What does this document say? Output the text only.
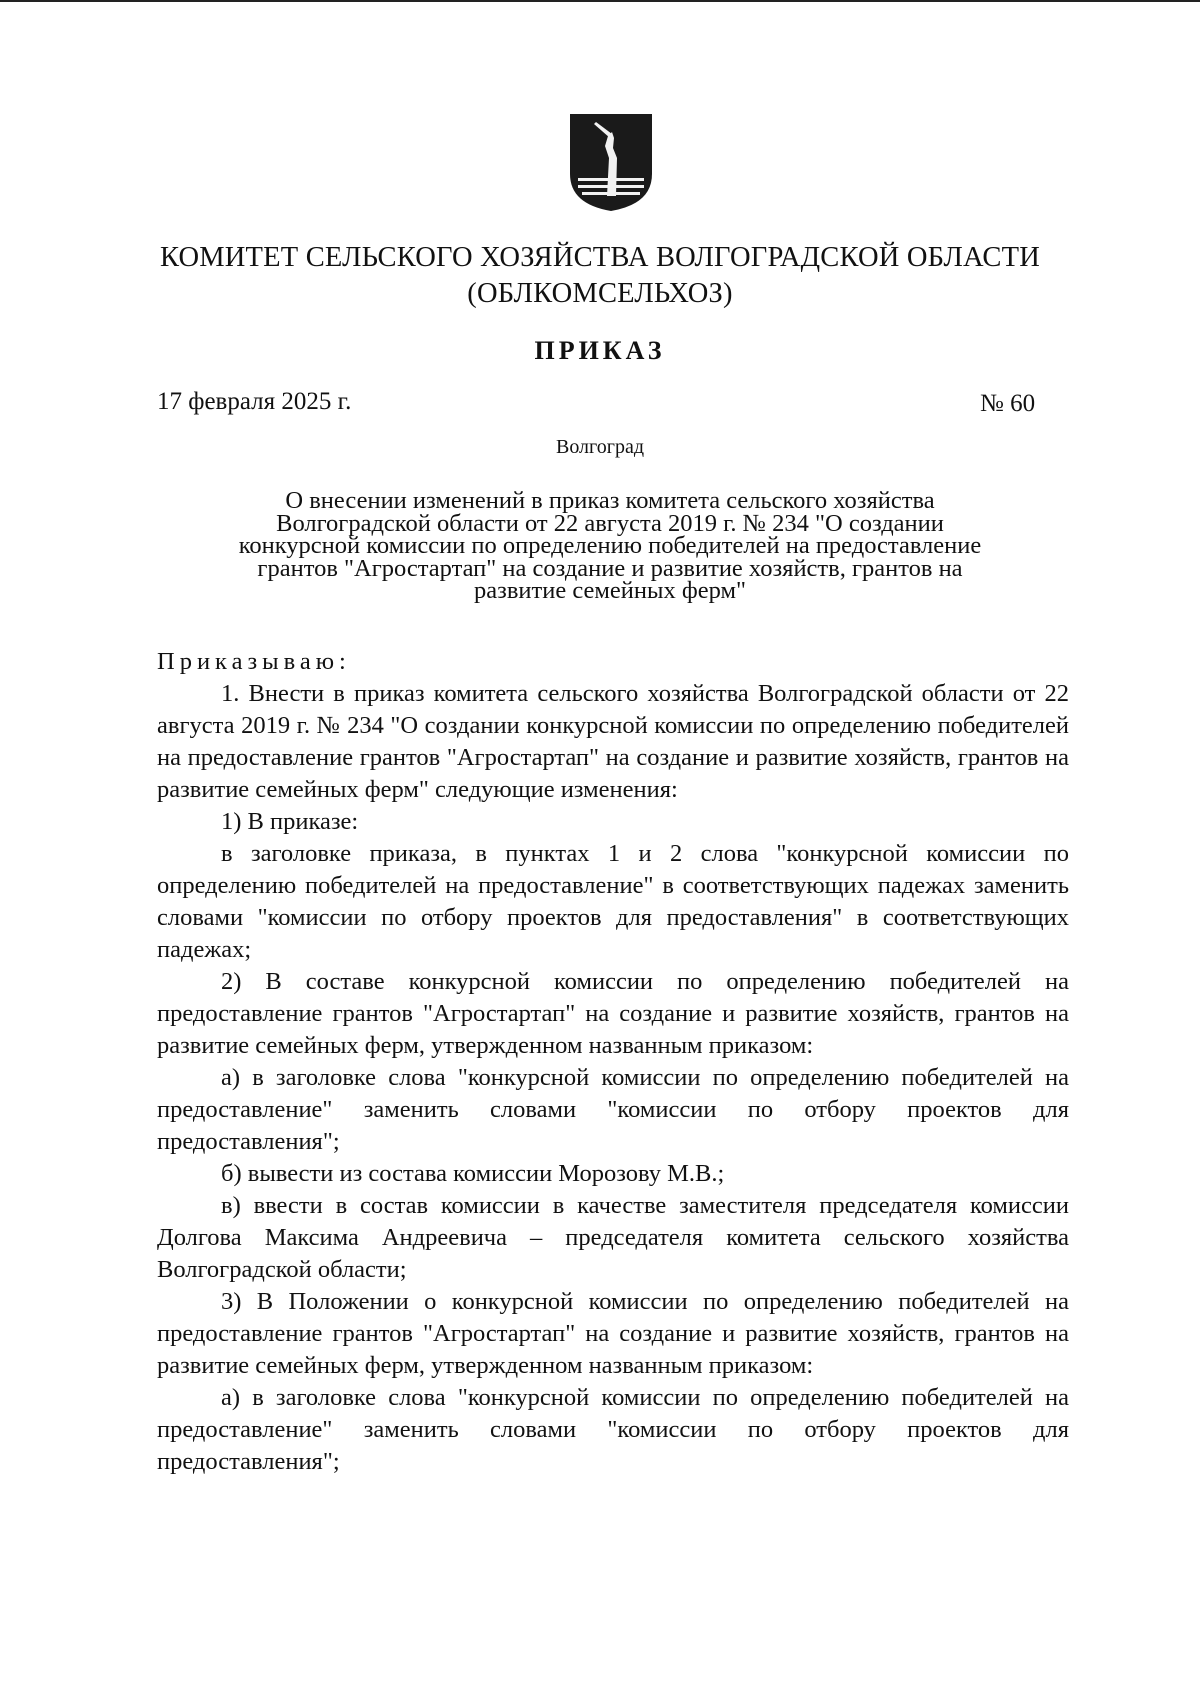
КОМИТЕТ СЕЛЬСКОГО ХОЗЯЙСТВА ВОЛГОГРАДСКОЙ ОБЛАСТИ
(ОБЛКОМСЕЛЬХОЗ)
ПРИКАЗ
17 февраля 2025 г.	№ 60
Волгоград
О внесении изменений в приказ комитета сельского хозяйства
Волгоградской области от 22 августа 2019 г. № 234 "О создании
конкурсной комиссии по определению победителей на предоставление
грантов "Агростартап" на создание и развитие хозяйств, грантов на
развитие семейных ферм"

Приказываю:

1. Внести в приказ комитета сельского хозяйства Волгоградской области от 22 августа 2019 г. № 234 "О создании конкурсной комиссии по определению победителей на предоставление грантов "Агростартап" на создание и развитие хозяйств, грантов на развитие семейных ферм" следующие изменения:

1) В приказе:

в заголовке приказа, в пунктах 1 и 2 слова "конкурсной комиссии по определению победителей на предоставление" в соответствующих падежах заменить словами "комиссии по отбору проектов для предоставления" в соответствующих падежах;

2) В составе конкурсной комиссии по определению победителей на предоставление грантов "Агростартап" на создание и развитие хозяйств, грантов на развитие семейных ферм, утвержденном названным приказом:

а) в заголовке слова "конкурсной комиссии по определению победителей на предоставление" заменить словами "комиссии по отбору проектов для предоставления";

б) вывести из состава комиссии Морозову М.В.;

в) ввести в состав комиссии в качестве заместителя председателя комиссии Долгова Максима Андреевича – председателя комитета сельского хозяйства Волгоградской области;

3) В Положении о конкурсной комиссии по определению победителей на предоставление грантов "Агростартап" на создание и развитие хозяйств, грантов на развитие семейных ферм, утвержденном названным приказом:

а) в заголовке слова "конкурсной комиссии по определению победителей на предоставление" заменить словами "комиссии по отбору проектов для предоставления";
